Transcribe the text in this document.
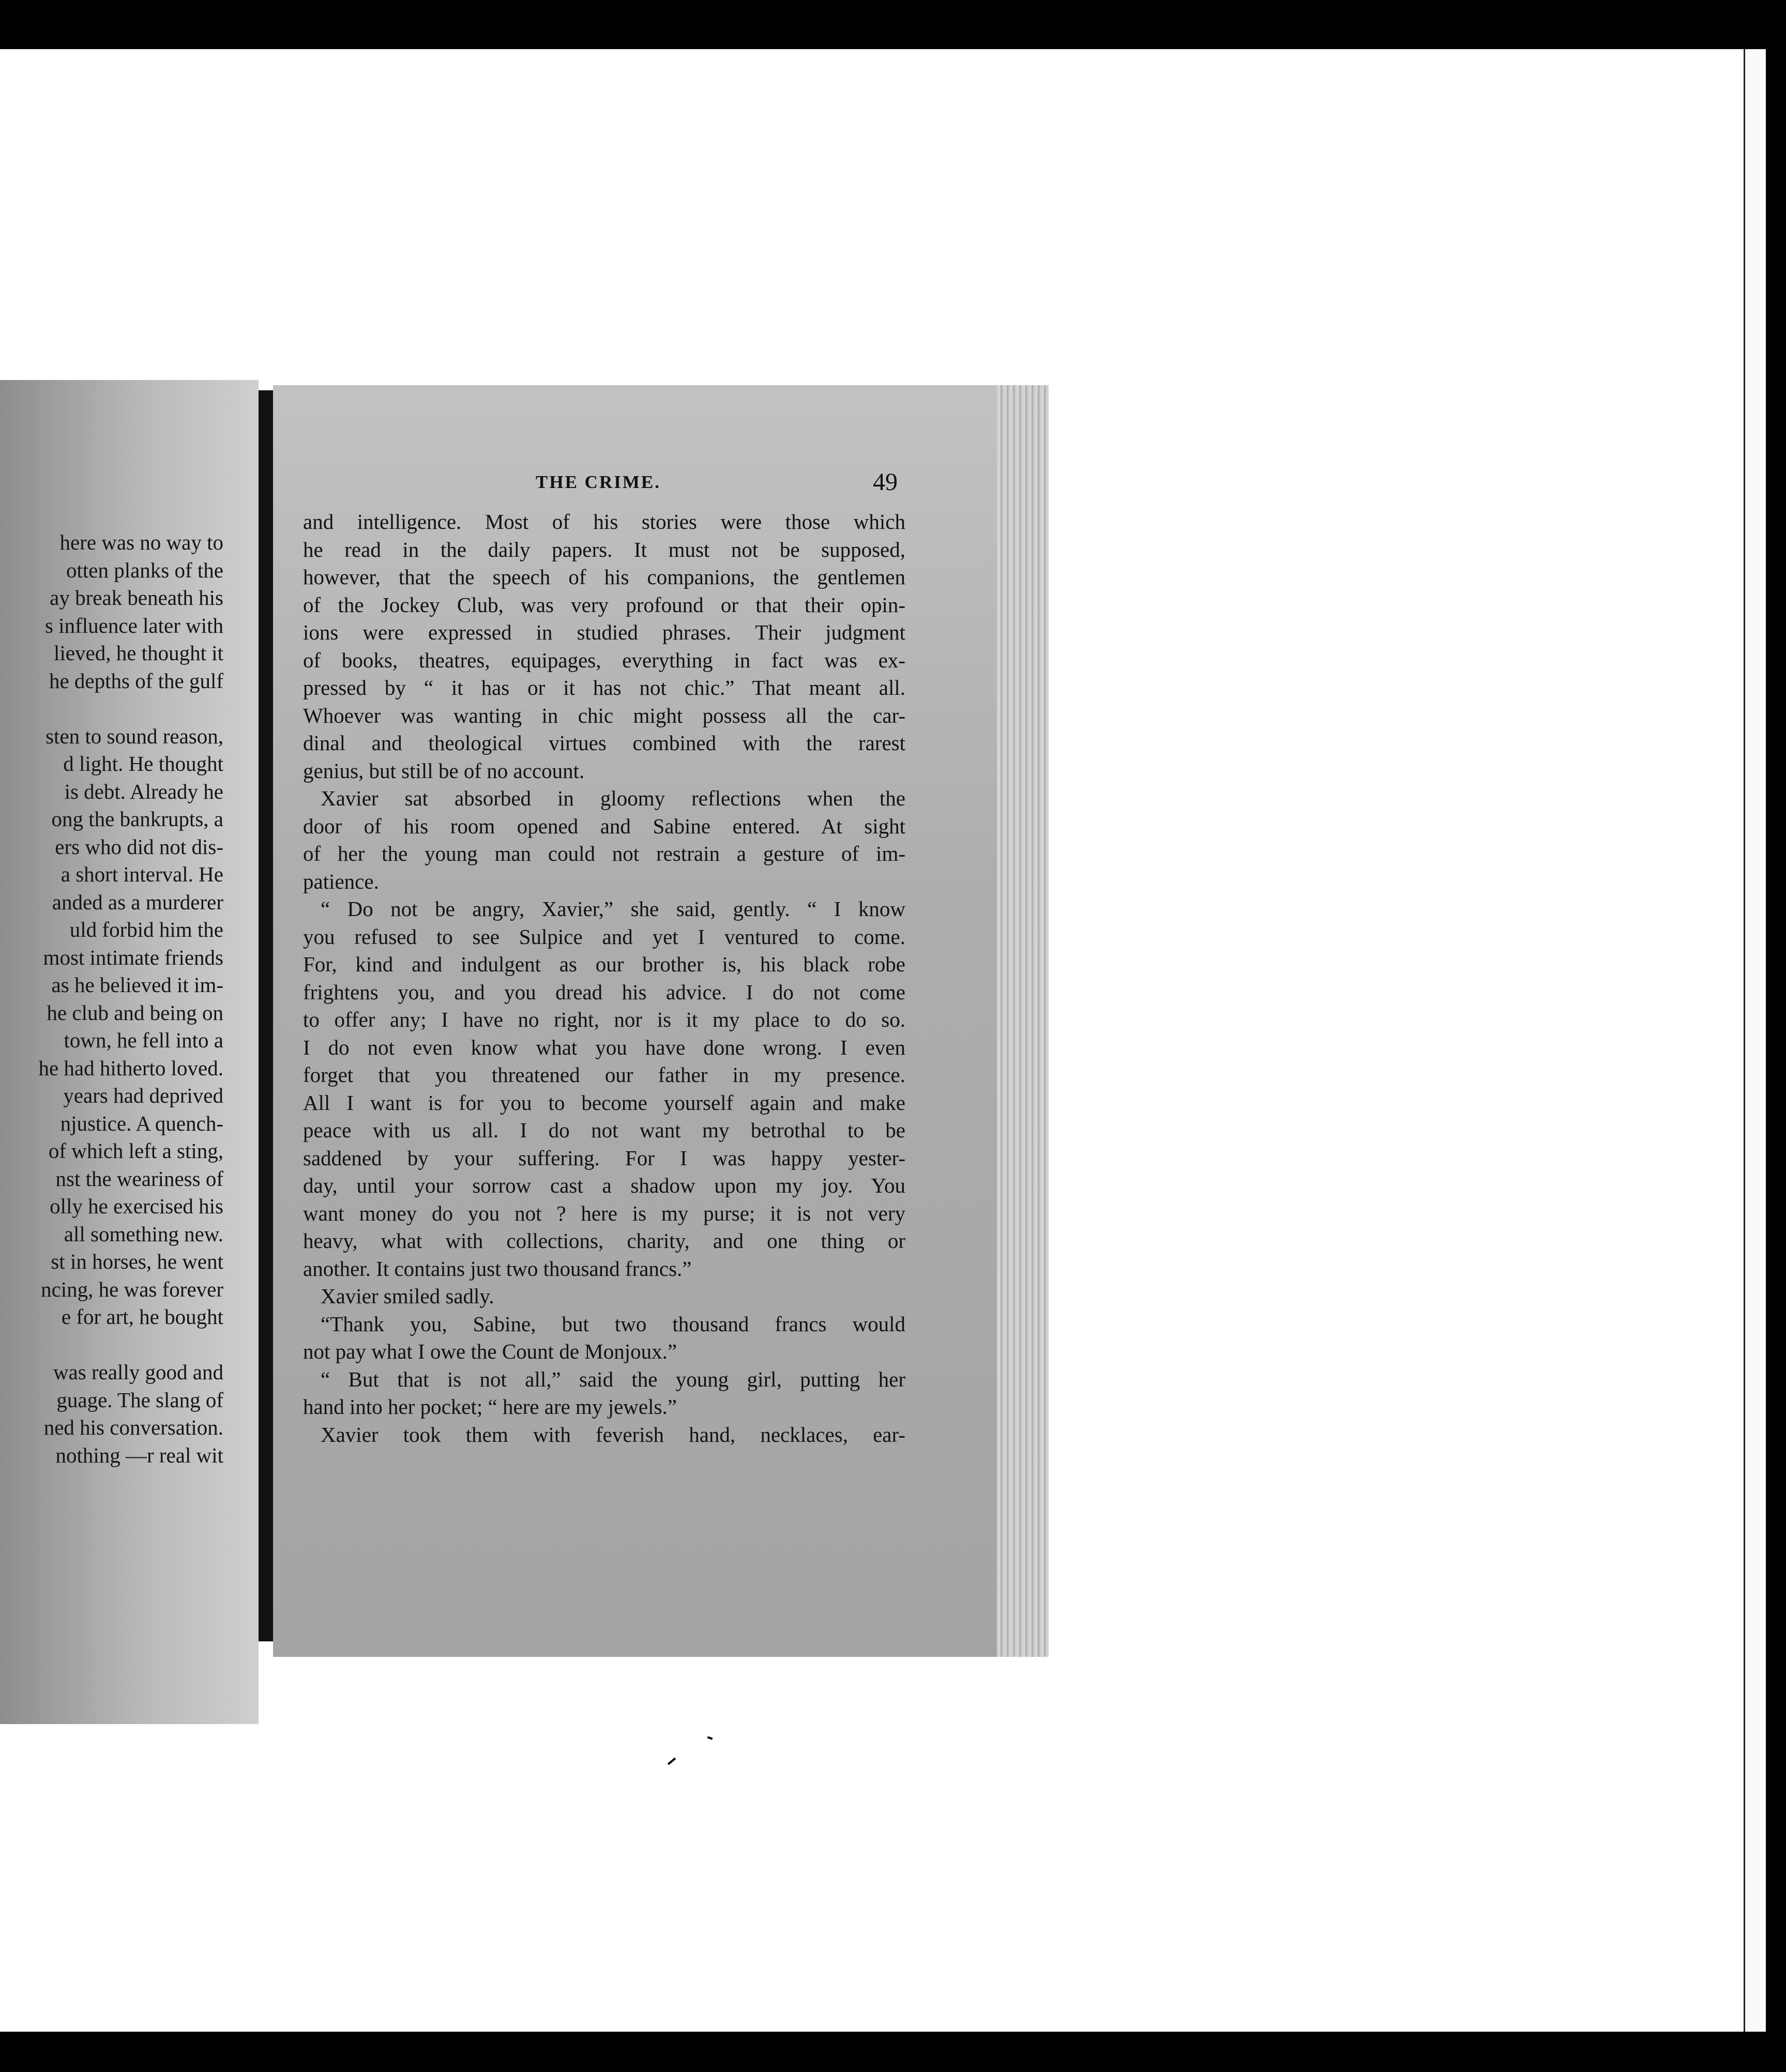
here was no way to
otten planks of the
ay break beneath his
s influence later with
lieved, he thought it
he depths of the gulf
sten to sound reason,
d light. He thought
is debt. Already he
ong the bankrupts, a
ers who did not dis-
a short interval. He
anded as a murderer
uld forbid him the
most intimate friends
as he believed it im-
he club and being on
town, he fell into a
he had hitherto loved.
years had deprived
njustice. A quench-
of which left a sting,
nst the weariness of
olly he exercised his
all something new.
st in horses, he went
ncing, he was forever
e for art, he bought
was really good and
guage. The slang of
ned his conversation.
nothing —r real wit
THE CRIME.	49
and intelligence. Most of his stories were those which
he read in the daily papers. It must not be supposed,
however, that the speech of his companions, the gentlemen
of the Jockey Club, was very profound or that their opin-
ions were expressed in studied phrases. Their judgment
of books, theatres, equipages, everything in fact was ex-
pressed by “ it has or it has not chic.” That meant all.
Whoever was wanting in chic might possess all the car-
dinal and theological virtues combined with the rarest
genius, but still be of no account.
Xavier sat absorbed in gloomy reflections when the
door of his room opened and Sabine entered. At sight
of her the young man could not restrain a gesture of im-
patience.
“ Do not be angry, Xavier,” she said, gently. “ I know
you refused to see Sulpice and yet I ventured to come.
For, kind and indulgent as our brother is, his black robe
frightens you, and you dread his advice. I do not come
to offer any; I have no right, nor is it my place to do so.
I do not even know what you have done wrong. I even
forget that you threatened our father in my presence.
All I want is for you to become yourself again and make
peace with us all. I do not want my betrothal to be
saddened by your suffering. For I was happy yester-
day, until your sorrow cast a shadow upon my joy. You
want money do you not ? here is my purse; it is not very
heavy, what with collections, charity, and one thing or
another. It contains just two thousand francs.”
Xavier smiled sadly.
“Thank you, Sabine, but two thousand francs would
not pay what I owe the Count de Monjoux.”
“ But that is not all,” said the young girl, putting her
hand into her pocket; “ here are my jewels.”
Xavier took them with feverish hand, necklaces, ear-
